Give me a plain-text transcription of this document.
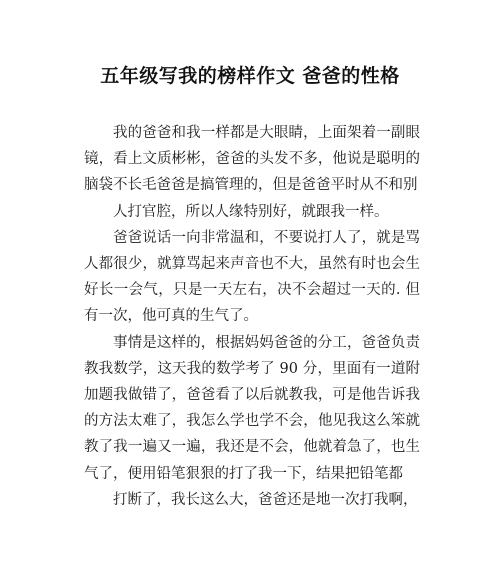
五年级写我的榜样作文 爸爸的性格

我的爸爸和我一样都是大眼睛，上面架着一副眼镜，看上文质彬彬，爸爸的头发不多，他说是聪明的脑袋不长毛爸爸是搞管理的，但是爸爸平时从不和别

人打官腔，所以人缘特别好，就跟我一样。

爸爸说话一向非常温和，不要说打人了，就是骂人都很少，就算骂起来声音也不大，虽然有时也会生好长一会气，只是一天左右，决不会超过一天的. 但有一次，他可真的生气了。

事情是这样的，根据妈妈爸爸的分工，爸爸负责教我数学，这天我的数学考了 90 分，里面有一道附加题我做错了，爸爸看了以后就教我，可是他告诉我的方法太难了，我怎么学也学不会，他见我这么笨就教了我一遍又一遍，我还是不会，他就着急了，也生气了，便用铅笔狠狠的打了我一下，结果把铅笔都

打断了，我长这么大，爸爸还是地一次打我啊，
